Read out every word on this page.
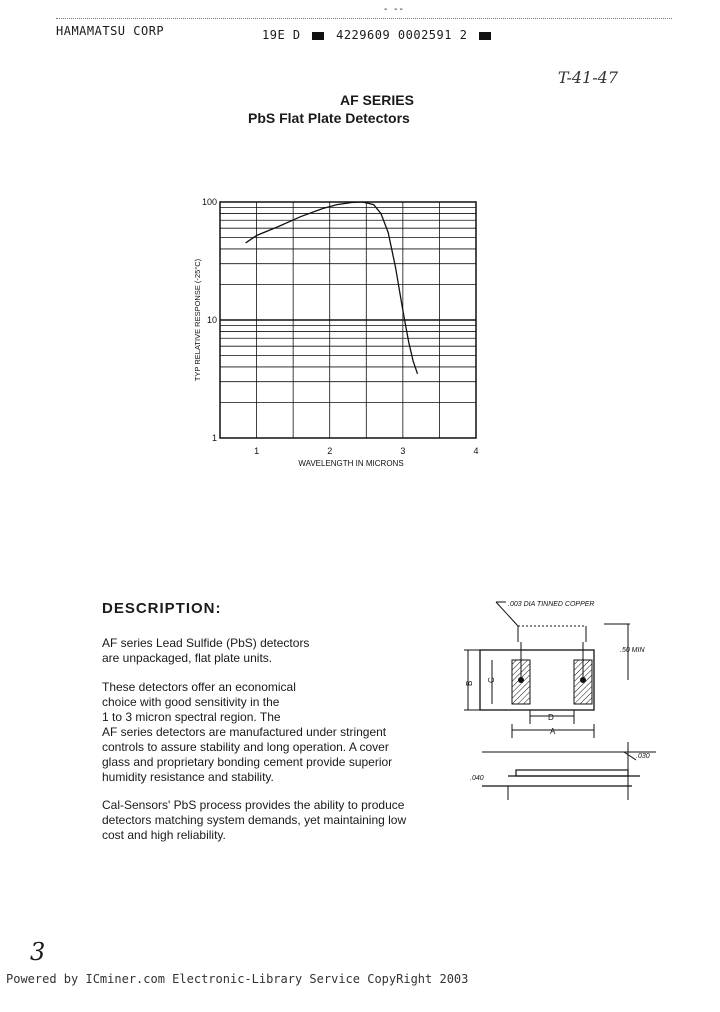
- --
HAMAMATSU CORP	19E D	4229609 0002591 2
T-41-47
AF SERIES
PbS Flat Plate Detectors
1	2	3	4
1
10
100
WAVELENGTH IN MICRONS
TYP RELATIVE RESPONSE (-25°C)
DESCRIPTION:
AF series Lead Sulfide (PbS) detectors
are unpackaged, flat plate units.
These detectors offer an economical
choice with good sensitivity in the
1 to 3 micron spectral region. The
AF series detectors are manufactured under stringent
controls to assure stability and long operation. A cover
glass and proprietary bonding cement provide superior
humidity resistance and stability.
Cal-Sensors' PbS process provides the ability to produce
detectors matching system demands, yet maintaining low
cost and high reliability.
.003 DIA TINNED COPPER
.50 MIN
B
C
D
A
.030
.040
3
Powered by ICminer.com Electronic-Library Service CopyRight 2003
